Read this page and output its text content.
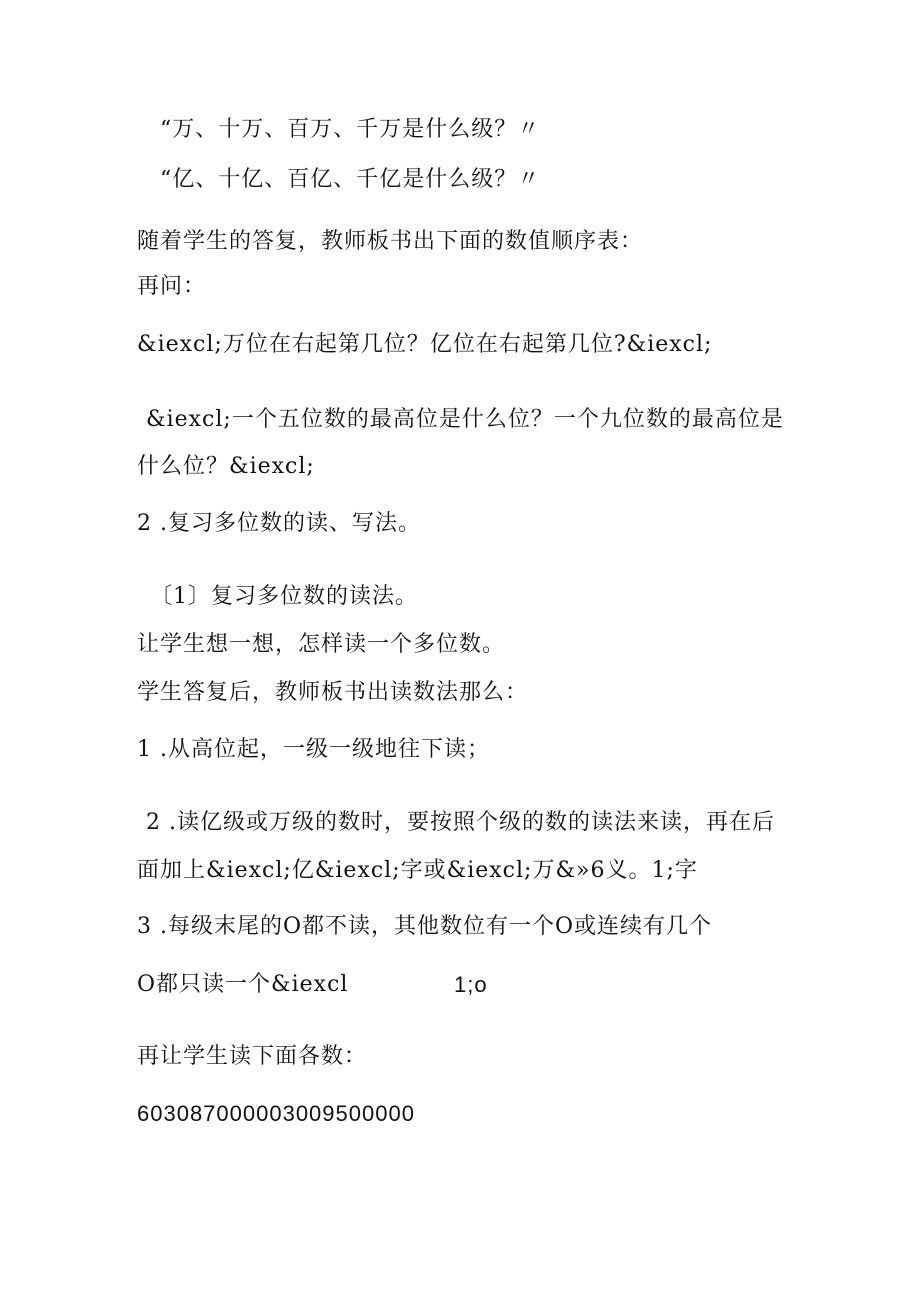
“万、十万、百万、千万是什么级？〃
“亿、十亿、百亿、千亿是什么级？〃
随着学生的答复，教师板书出下面的数值顺序表：
再问：
&iexcl;万位在右起第几位？亿位在右起第几位?&iexcl;
&iexcl;一个五位数的最高位是什么位？一个九位数的最高位是
什么位？&iexcl;
2 .复习多位数的读、写法。
〔1〕复习多位数的读法。
让学生想一想，怎样读一个多位数。
学生答复后，教师板书出读数法那么：
1 .从高位起，一级一级地往下读；
2 .读亿级或万级的数时，要按照个级的数的读法来读，再在后
面加上&iexcl;亿&iexcl;字或&iexcl;万&»6义。1;字
3 .每级末尾的O都不读，其他数位有一个O或连续有几个
O都只读一个&iexcl	1;o
再让学生读下面各数：
603087000003009500000
